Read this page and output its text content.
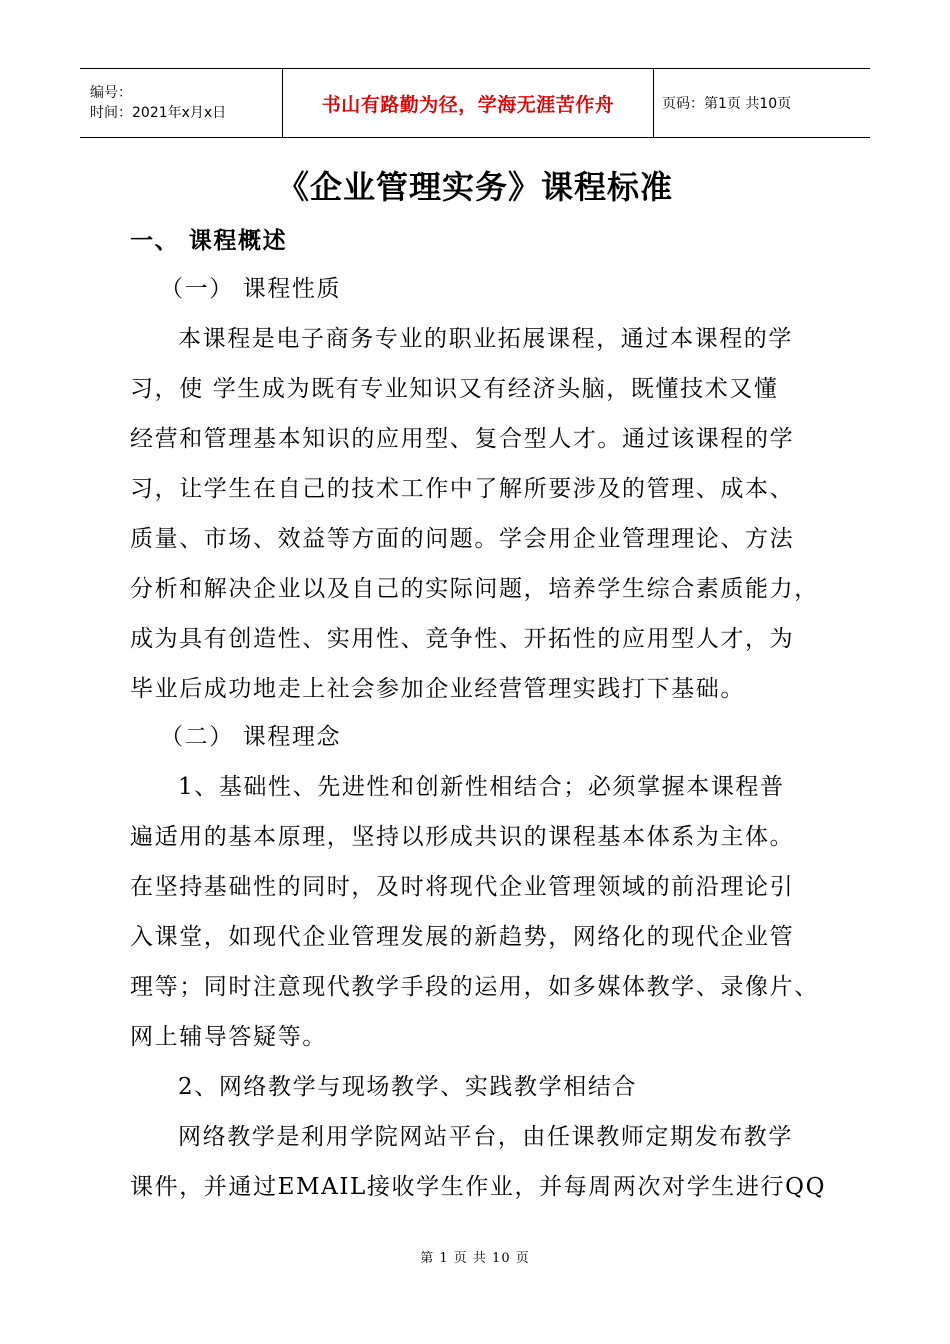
编号：
时间：2021年x月x日	书山有路勤为径，学海无涯苦作舟	页码：第1页 共10页
《企业管理实务》课程标准
一、 课程概述
（一） 课程性质
本课程是电子商务专业的职业拓展课程，通过本课程的学
习，使 学生成为既有专业知识又有经济头脑，既懂技术又懂
经营和管理基本知识的应用型、复合型人才。通过该课程的学
习，让学生在自己的技术工作中了解所要涉及的管理、成本、
质量、市场、效益等方面的问题。学会用企业管理理论、方法
分析和解决企业以及自己的实际问题，培养学生综合素质能力，
成为具有创造性、实用性、竞争性、开拓性的应用型人才，为
毕业后成功地走上社会参加企业经营管理实践打下基础。
（二） 课程理念
1、基础性、先进性和创新性相结合；必须掌握本课程普
遍适用的基本原理，坚持以形成共识的课程基本体系为主体。
在坚持基础性的同时，及时将现代企业管理领域的前沿理论引
入课堂，如现代企业管理发展的新趋势，网络化的现代企业管
理等；同时注意现代教学手段的运用，如多媒体教学、录像片、
网上辅导答疑等。
2、网络教学与现场教学、实践教学相结合
网络教学是利用学院网站平台，由任课教师定期发布教学
课件，并通过EMAIL接收学生作业，并每周两次对学生进行QQ
第 1 页 共 10 页
